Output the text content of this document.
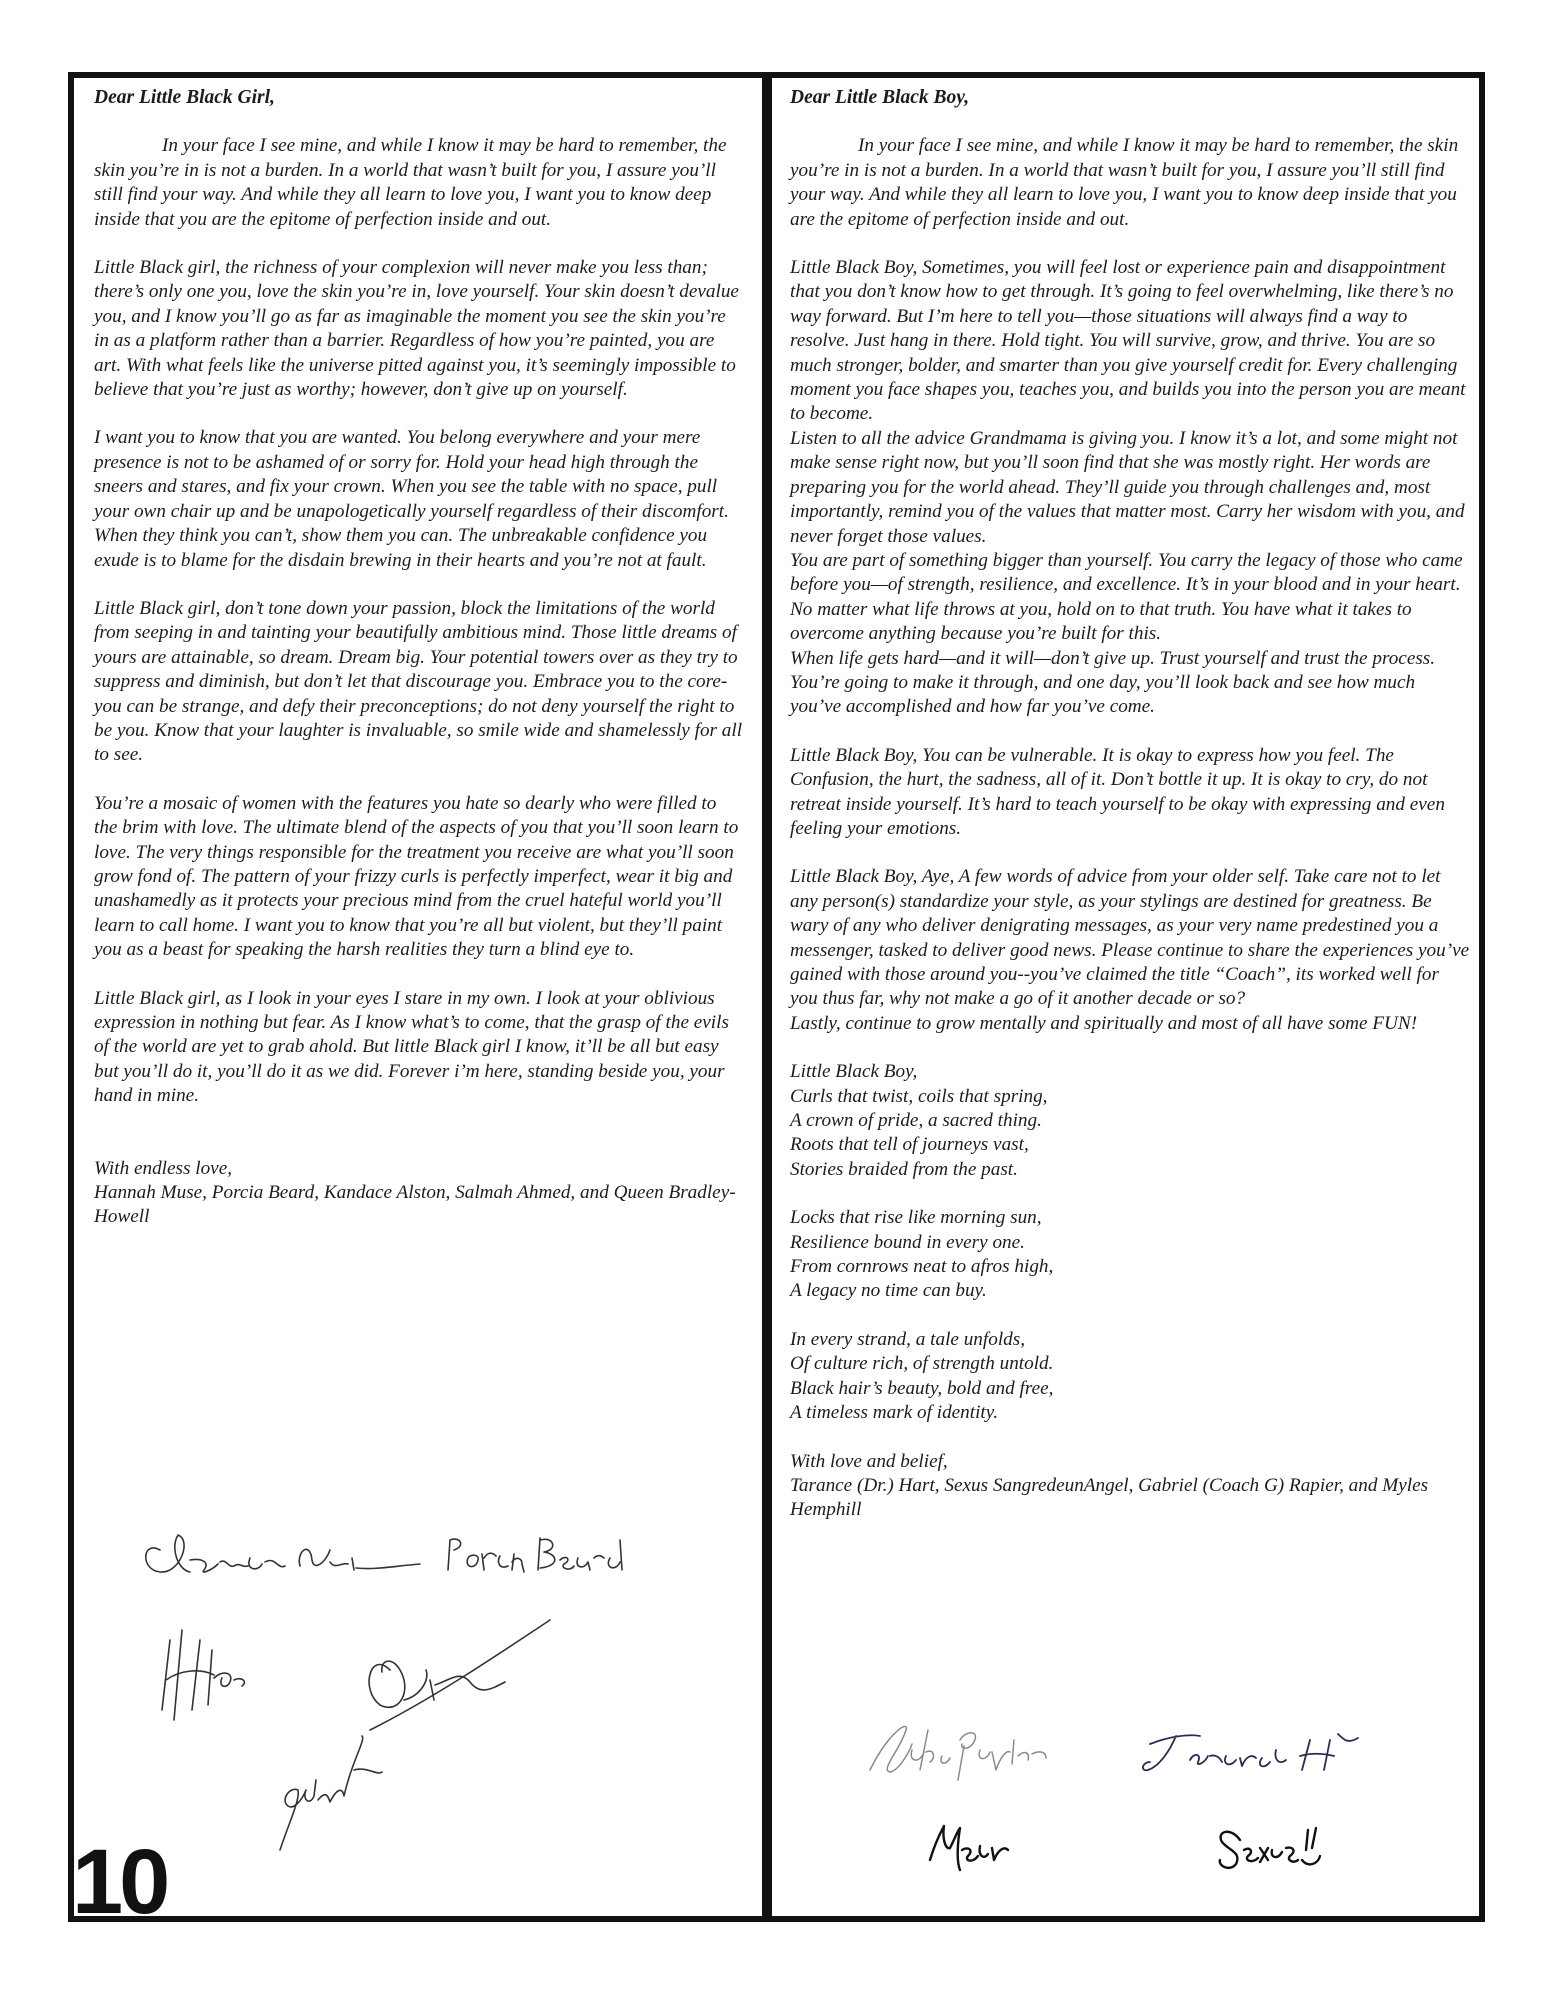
Dear Little Black Girl,

In your face I see mine, and while I know it may be hard to remember, the skin you’re in is not a burden. In a world that wasn’t built for you, I assure you’ll still find your way. And while they all learn to love you, I want you to know deep inside that you are the epitome of perfection inside and out.

Little Black girl, the richness of your complexion will never make you less than; there’s only one you, love the skin you’re in, love yourself. Your skin doesn’t devalue you, and I know you’ll go as far as imaginable the moment you see the skin you’re in as a platform rather than a barrier. Regardless of how you’re painted, you are art. With what feels like the universe pitted against you, it’s seemingly impossible to believe that you’re just as worthy; however, don’t give up on yourself.

I want you to know that you are wanted. You belong everywhere and your mere presence is not to be ashamed of or sorry for. Hold your head high through the sneers and stares, and fix your crown. When you see the table with no space, pull your own chair up and be unapologetically yourself regardless of their discomfort. When they think you can’t, show them you can. The unbreakable confidence you exude is to blame for the disdain brewing in their hearts and you’re not at fault.

Little Black girl, don’t tone down your passion, block the limitations of the world from seeping in and tainting your beautifully ambitious mind. Those little dreams of yours are attainable, so dream. Dream big. Your potential towers over as they try to suppress and diminish, but don’t let that discourage you. Embrace you to the core- you can be strange, and defy their preconceptions; do not deny yourself the right to be you. Know that your laughter is invaluable, so smile wide and shamelessly for all to see.

You’re a mosaic of women with the features you hate so dearly who were filled to the brim with love. The ultimate blend of the aspects of you that you’ll soon learn to love. The very things responsible for the treatment you receive are what you’ll soon grow fond of. The pattern of your frizzy curls is perfectly imperfect, wear it big and unashamedly as it protects your precious mind from the cruel hateful world you’ll learn to call home. I want you to know that you’re all but violent, but they’ll paint you as a beast for speaking the harsh realities they turn a blind eye to.

Little Black girl, as I look in your eyes I stare in my own. I look at your oblivious expression in nothing but fear. As I know what’s to come, that the grasp of the evils of the world are yet to grab ahold. But little Black girl I know, it’ll be all but easy but you’ll do it, you’ll do it as we did. Forever i’m here, standing beside you, your hand in mine.

With endless love,

Hannah Muse, Porcia Beard, Kandace Alston, Salmah Ahmed, and Queen Bradley-Howell

10

Dear Little Black Boy,

In your face I see mine, and while I know it may be hard to remember, the skin you’re in is not a burden. In a world that wasn’t built for you, I assure you’ll still find your way. And while they all learn to love you, I want you to know deep inside that you are the epitome of perfection inside and out.

Little Black Boy, Sometimes, you will feel lost or experience pain and disappointment that you don’t know how to get through. It’s going to feel overwhelming, like there’s no way forward. But I’m here to tell you—those situations will always find a way to resolve. Just hang in there. Hold tight. You will survive, grow, and thrive. You are so much stronger, bolder, and smarter than you give yourself credit for. Every challenging moment you face shapes you, teaches you, and builds you into the person you are meant to become.
Listen to all the advice Grandmama is giving you. I know it’s a lot, and some might not make sense right now, but you’ll soon find that she was mostly right. Her words are preparing you for the world ahead. They’ll guide you through challenges and, most importantly, remind you of the values that matter most. Carry her wisdom with you, and never forget those values.
You are part of something bigger than yourself. You carry the legacy of those who came before you—of strength, resilience, and excellence. It’s in your blood and in your heart. No matter what life throws at you, hold on to that truth. You have what it takes to overcome anything because you’re built for this.
When life gets hard—and it will—don’t give up. Trust yourself and trust the process. You’re going to make it through, and one day, you’ll look back and see how much you’ve accomplished and how far you’ve come.

Little Black Boy, You can be vulnerable. It is okay to express how you feel. The Confusion, the hurt, the sadness, all of it. Don’t bottle it up. It is okay to cry, do not retreat inside yourself. It’s hard to teach yourself to be okay with expressing and even feeling your emotions.

Little Black Boy, Aye, A few words of advice from your older self. Take care not to let any person(s) standardize your style, as your stylings are destined for greatness. Be wary of any who deliver denigrating messages, as your very name predestined you a messenger, tasked to deliver good news. Please continue to share the experiences you’ve gained with those around you--you’ve claimed the title “Coach”, its worked well for you thus far, why not make a go of it another decade or so?
Lastly, continue to grow mentally and spiritually and most of all have some FUN!

Little Black Boy,
Curls that twist, coils that spring,
A crown of pride, a sacred thing.
Roots that tell of journeys vast,
Stories braided from the past.

Locks that rise like morning sun,
Resilience bound in every one.
From cornrows neat to afros high,
A legacy no time can buy.

In every strand, a tale unfolds,
Of culture rich, of strength untold.
Black hair’s beauty, bold and free,
A timeless mark of identity.

With love and belief,

Tarance (Dr.) Hart, Sexus SangredeunAngel, Gabriel (Coach G) Rapier, and Myles Hemphill
